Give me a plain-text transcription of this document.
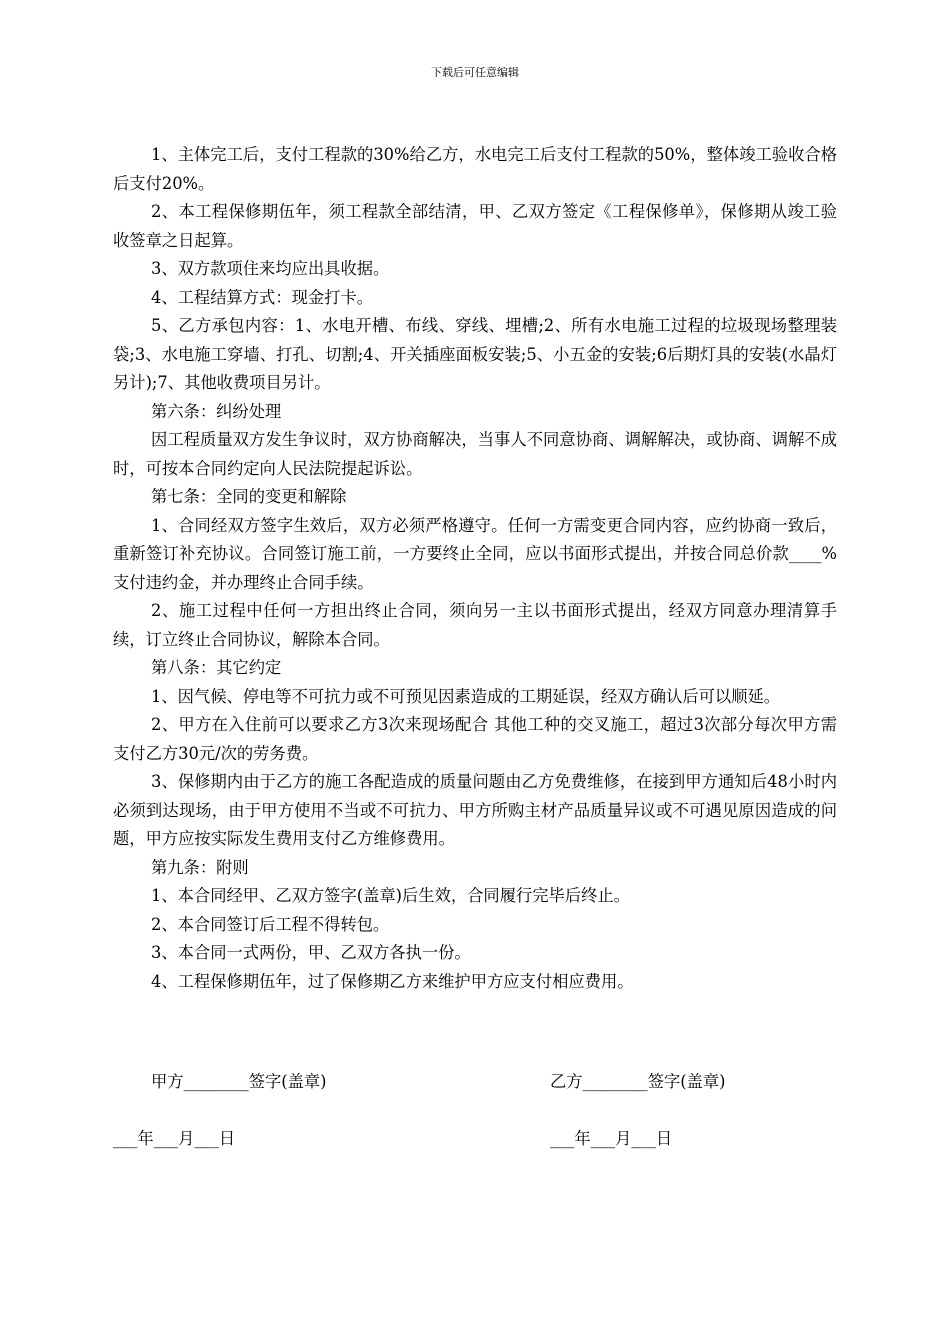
下载后可任意编辑

1、主体完工后，支付工程款的30%给乙方，水电完工后支付工程款的50%，整体竣工验收合格后支付20%。

2、本工程保修期伍年，须工程款全部结清，甲、乙双方签定《工程保修单》，保修期从竣工验收签章之日起算。

3、双方款项住来均应出具收据。

4、工程结算方式：现金打卡。

5、乙方承包内容：1、水电开槽、布线、穿线、埋槽;2、所有水电施工过程的垃圾现场整理装袋;3、水电施工穿墙、打孔、切割;4、开关插座面板安装;5、小五金的安装;6后期灯具的安装(水晶灯另计);7、其他收费项目另计。

第六条：纠纷处理

因工程质量双方发生争议时，双方协商解决，当事人不同意协商、调解解决，或协商、调解不成时，可按本合同约定向人民法院提起诉讼。

第七条：全同的变更和解除

1、合同经双方签字生效后，双方必须严格遵守。任何一方需变更合同内容，应约协商一致后，重新签订补充协议。合同签订施工前，一方要终止全同，应以书面形式提出，并按合同总价款____%支付违约金，并办理终止合同手续。

2、施工过程中任何一方担出终止合同，须向另一主以书面形式提出，经双方同意办理清算手续，订立终止合同协议，解除本合同。

第八条：其它约定

1、因气候、停电等不可抗力或不可预见因素造成的工期延误，经双方确认后可以顺延。

2、甲方在入住前可以要求乙方3次来现场配合 其他工种的交叉施工，超过3次部分每次甲方需支付乙方30元/次的劳务费。

3、保修期内由于乙方的施工各配造成的质量问题由乙方免费维修，在接到甲方通知后48小时内必须到达现场，由于甲方使用不当或不可抗力、甲方所购主材产品质量异议或不可遇见原因造成的问题，甲方应按实际发生费用支付乙方维修费用。

第九条：附则

1、本合同经甲、乙双方签字(盖章)后生效，合同履行完毕后终止。

2、本合同签订后工程不得转包。

3、本合同一式两份，甲、乙双方各执一份。

4、工程保修期伍年，过了保修期乙方来维护甲方应支付相应费用。

甲方________签字(盖章)	乙方________签字(盖章)
___年___月___日	___年___月___日
